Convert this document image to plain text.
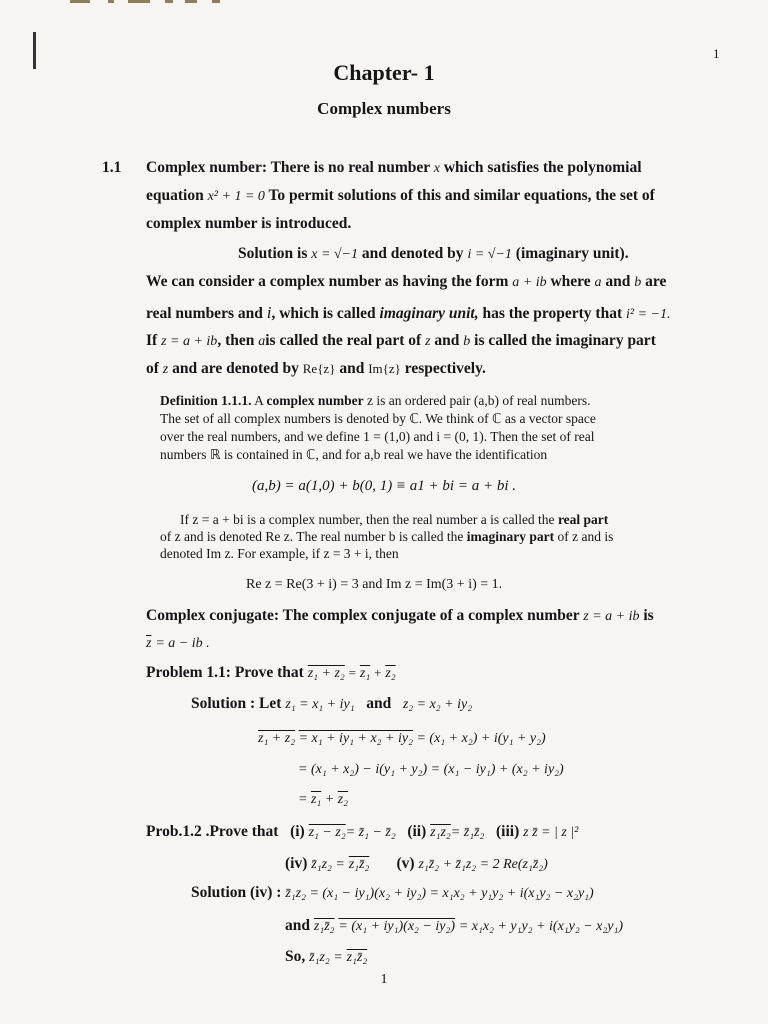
1
Chapter- 1
Complex numbers
1.1 Complex number: There is no real number x which satisfies the polynomial
equation x² + 1 = 0 To permit solutions of this and similar equations, the set of
complex number is introduced.
Solution is x = √−1 and denoted by i = √−1 (imaginary unit).
We can consider a complex number as having the form a + ib where a and b are
real numbers and i, which is called imaginary unit, has the property that i² = −1.
If z = a + ib, then ais called the real part of z and b is called the imaginary part
of z and are denoted by Re{z} and Im{z} respectively.
Definition 1.1.1. A complex number z is an ordered pair (a,b) of real numbers.
The set of all complex numbers is denoted by ℂ. We think of ℂ as a vector space
over the real numbers, and we define 1 = (1,0) and i = (0, 1). Then the set of real
numbers ℝ is contained in ℂ, and for a,b real we have the identification
(a,b) = a(1,0) + b(0, 1) ≡ a1 + bi = a + bi .
If z = a + bi is a complex number, then the real number a is called the real part
of z and is denoted Re z. The real number b is called the imaginary part of z and is
denoted Im z. For example, if z = 3 + i, then
Re z = Re(3 + i) = 3 and Im z = Im(3 + i) = 1.
Complex conjugate: The complex conjugate of a complex number z = a + ib is
$\overline{z} = a$ − ib .
Problem 1.1: Prove that z₁ + z₂ = z₁ + z₂
Solution : Let z₁ = x₁ + iy₁ and z₂ = x₂ + iy₂
z₁ + z₂ = x₁ + iy₁ + x₂ + iy₂ = (x₁ + x₂) + i(y₁ + y₂)
= (x₁ + x₂) − i(y₁ + y₂) = (x₁ − iy₁) + (x₂ + iy₂)
= z₁ + z₂
Prob.1.2 .Prove that (i) z₁ − z₂= z̄₁ − z̄₂ (ii) z₁z₂= z̄₁z̄₂ (iii) z z̄ = | z |²
(iv) z̄₁z₂ = z₁z̄₂ (v) z₁z̄₂ + z̄₁z₂ = 2 Re(z₁z̄₂)
Solution (iv) : z̄₁z₂ = (x₁ − iy₁)(x₂ + iy₂) = x₁x₂ + y₁y₂ + i(x₁y₂ − x₂y₁)
and z₁z̄₂ = (x₁ + iy₁)(x₂ − iy₂) = x₁x₂ + y₁y₂ + i(x₁y₂ − x₂y₁)
So, z̄₁z₂ = z₁z̄₂
1
